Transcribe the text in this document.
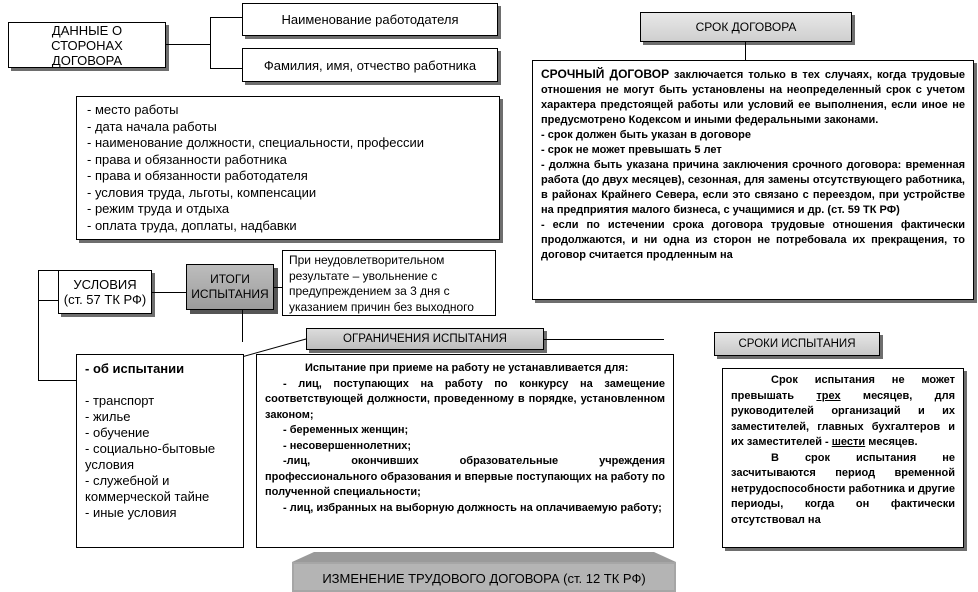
ДАННЫЕ О СТОРОНАХ ДОГОВОРА
Наименование работодателя
Фамилия, имя, отчество работника
СРОК ДОГОВОРА
СРОЧНЫЙ ДОГОВОР заключается только в тех случаях, когда трудовые отношения не могут быть установлены на неопределенный срок с учетом характера предстоящей работы или условий ее выполнения, если иное не предусмотрено Кодексом и иными федеральными законами.
- срок должен быть указан в договоре
- срок не может превышать 5 лет
- должна быть указана причина заключения срочного договора: временная работа (до двух месяцев), сезонная, для замены отсутствующего работника, в районах Крайнего Севера, если это связано с переездом, при устройстве на предприятия малого бизнеса, с учащимися и др. (ст. 59 ТК РФ)
- если по истечении срока договора трудовые отношения фактически продолжаются, и ни одна из сторон не потребовала их прекращения, то договор считается продленным на
- место работы
- дата начала работы
- наименование должности, специальности, профессии
- права и обязанности работника
- права и обязанности работодателя
- условия труда, льготы, компенсации
- режим труда и отдыха
- оплата труда, доплаты, надбавки
УСЛОВИЯ
(ст. 57 ТК РФ)
ИТОГИ ИСПЫТАНИЯ
При неудовлетворительном результате – увольнение с предупреждением за 3 дня с указанием причин без выходного
ОГРАНИЧЕНИЯ ИСПЫТАНИЯ
- об испытании
- транспорт
- жилье
- обучение
- социально-бытовые условия
- служебной и коммерческой тайне
- иные условия
Испытание при приеме на работу не устанавливается для:
- лиц, поступающих на работу по конкурсу на замещение соответствующей должности, проведенному в порядке, установленном законом;
- беременных женщин;
- несовершеннолетних;
-лиц, окончивших образовательные учреждения профессионального образования и впервые поступающих на работу по полученной специальности;
- лиц, избранных на выборную должность на оплачиваемую работу;
СРОКИ ИСПЫТАНИЯ
Срок испытания не может превышать трех месяцев, для руководителей организаций и их заместителей, главных бухгалтеров и их заместителей - шести месяцев.
В срок испытания не засчитываются период временной нетрудоспособности работника и другие периоды, когда он фактически отсутствовал на
ИЗМЕНЕНИЕ ТРУДОВОГО ДОГОВОРА (ст. 12 ТК РФ)
